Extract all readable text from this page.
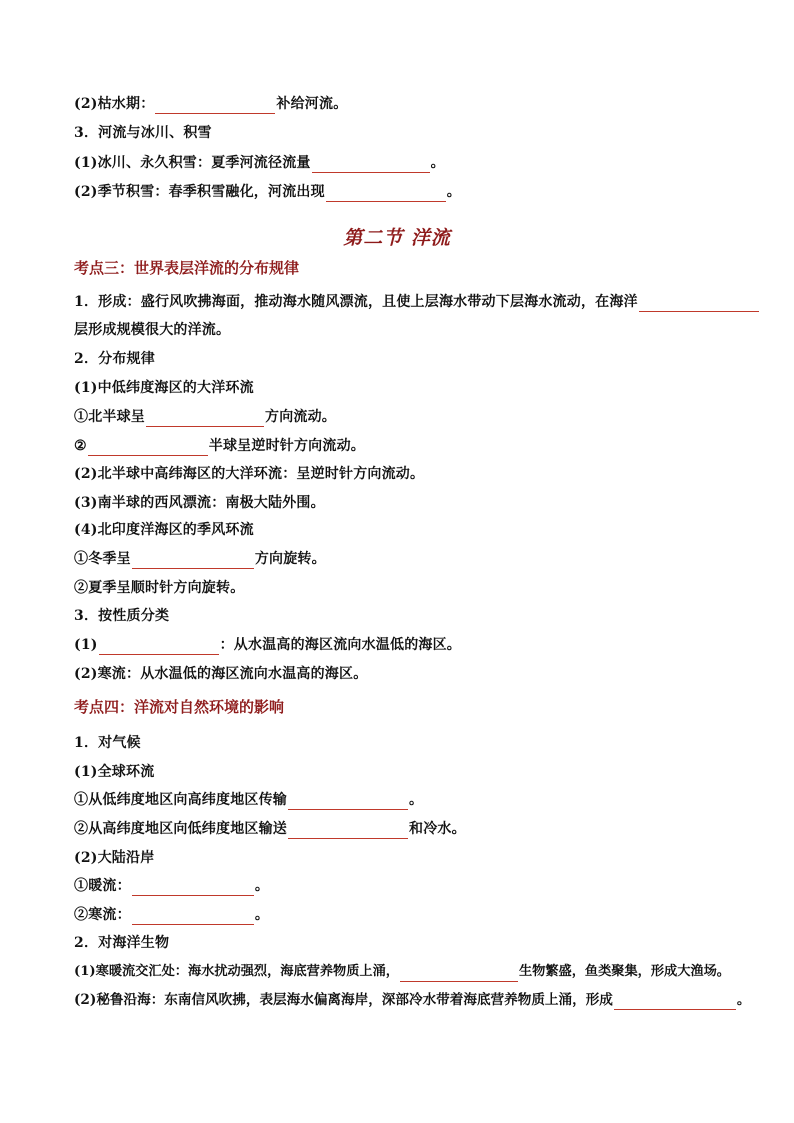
(2)枯水期：	补给河流。
3．河流与冰川、积雪
(1)冰川、永久积雪：夏季河流径流量	。
(2)季节积雪：春季积雪融化，河流出现	。
第二节 洋流
考点三：世界表层洋流的分布规律
1．形成：盛行风吹拂海面，推动海水随风漂流，且使上层海水带动下层海水流动，在海洋
层形成规模很大的洋流。
2．分布规律
(1)中低纬度海区的大洋环流
①北半球呈	方向流动。
②	半球呈逆时针方向流动。
(2)北半球中高纬海区的大洋环流：呈逆时针方向流动。
(3)南半球的西风漂流：南极大陆外围。
(4)北印度洋海区的季风环流
①冬季呈	方向旋转。
②夏季呈顺时针方向旋转。
3．按性质分类
(1)	：从水温高的海区流向水温低的海区。
(2)寒流：从水温低的海区流向水温高的海区。
考点四：洋流对自然环境的影响
1．对气候
(1)全球环流
①从低纬度地区向高纬度地区传输	。
②从高纬度地区向低纬度地区输送	和冷水。
(2)大陆沿岸
①暖流：	。
②寒流：	。
2．对海洋生物
(1)寒暖流交汇处：海水扰动强烈，海底营养物质上涌，	生物繁盛，鱼类聚集，形成大渔场。
(2)秘鲁沿海：东南信风吹拂，表层海水偏离海岸，深部冷水带着海底营养物质上涌，形成	。
